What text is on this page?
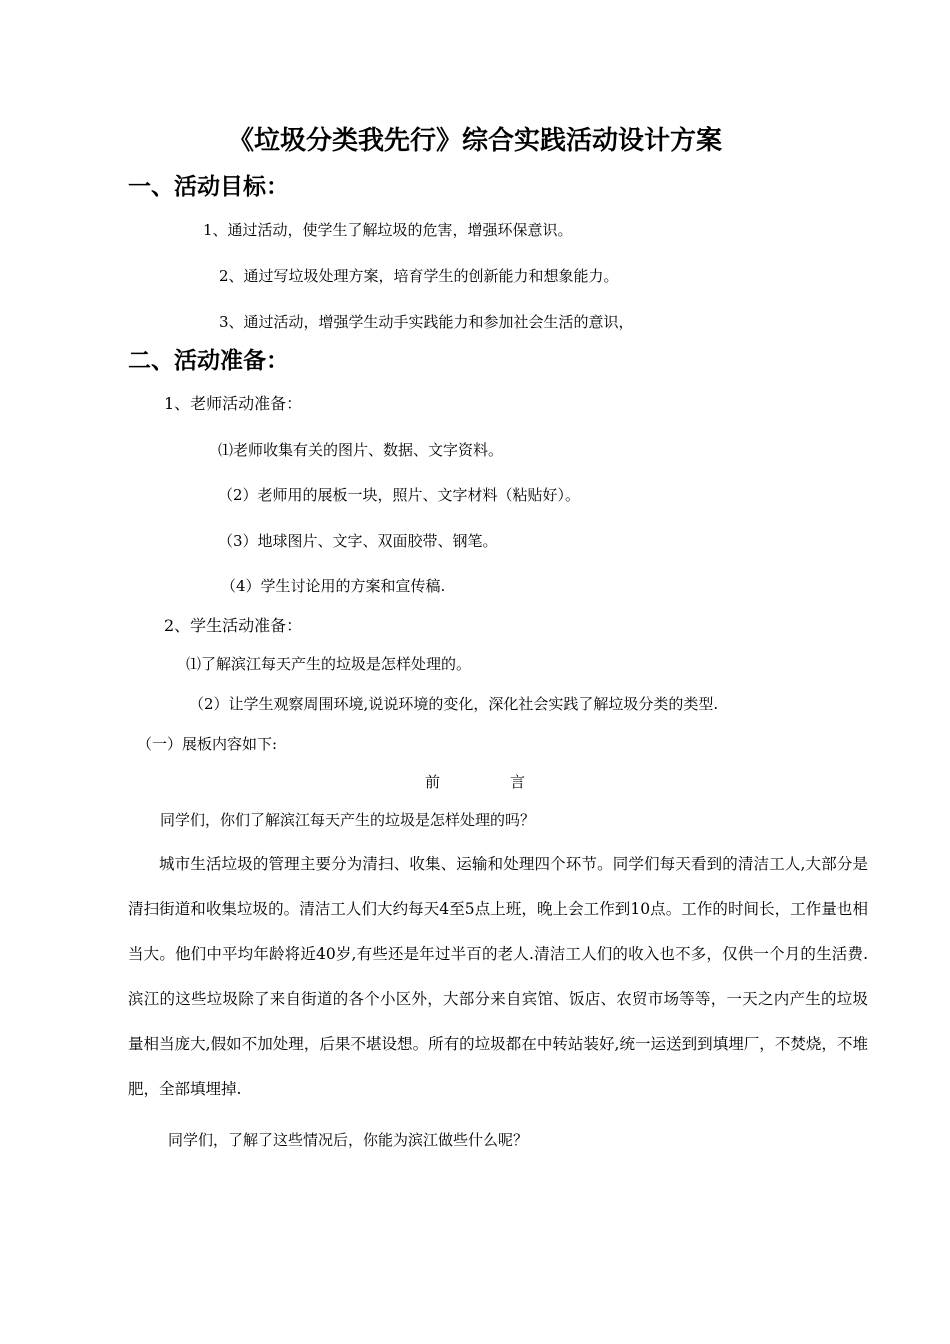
《垃圾分类我先行》综合实践活动设计方案
一、活动目标：
1、通过活动，使学生了解垃圾的危害，增强环保意识。
2、通过写垃圾处理方案，培育学生的创新能力和想象能力。
3、通过活动，增强学生动手实践能力和参加社会生活的意识，
二、活动准备：
1、老师活动准备：
⑴老师收集有关的图片、数据、文字资料。
（2）老师用的展板一块，照片、文字材料（粘贴好）。
（3）地球图片、文字、双面胶带、钢笔。
（4）学生讨论用的方案和宣传稿.
2、学生活动准备：
⑴了解滨江每天产生的垃圾是怎样处理的。
（2）让学生观察周围环境,说说环境的变化，深化社会实践了解垃圾分类的类型.
（一）展板内容如下:
前	言
同学们，你们了解滨江每天产生的垃圾是怎样处理的吗？
城市生活垃圾的管理主要分为清扫、收集、运输和处理四个环节。同学们每天看到的清洁工人,大部分是清扫街道和收集垃圾的。清洁工人们大约每天4至5点上班，晚上会工作到10点。工作的时间长，工作量也相当大。他们中平均年龄将近40岁,有些还是年过半百的老人.清洁工人们的收入也不多，仅供一个月的生活费.滨江的这些垃圾除了来自街道的各个小区外，大部分来自宾馆、饭店、农贸市场等等，一天之内产生的垃圾量相当庞大,假如不加处理，后果不堪设想。所有的垃圾都在中转站装好,统一运送到到填埋厂，不焚烧，不堆肥，全部填埋掉.
同学们，了解了这些情况后，你能为滨江做些什么呢？
